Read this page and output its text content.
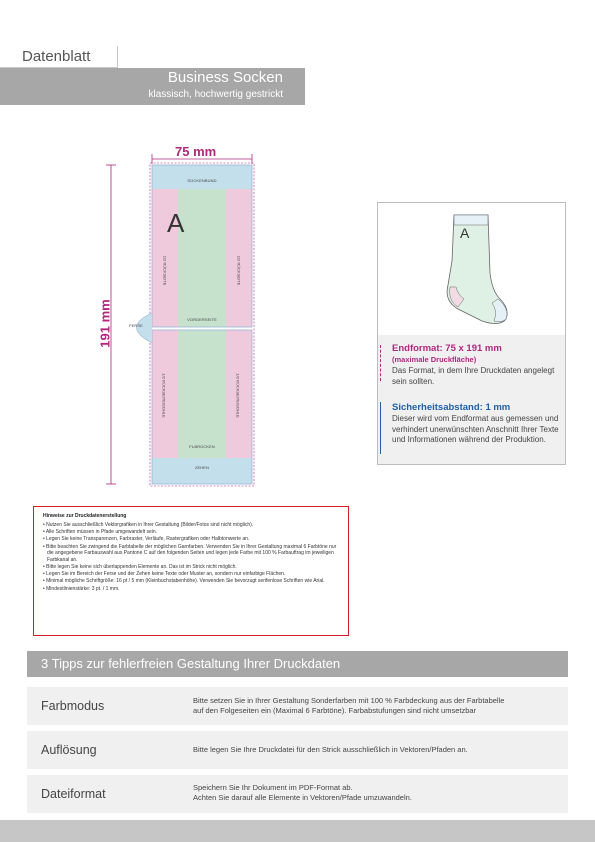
Datenblatt
Business Socken
klassisch, hochwertig gestrickt
75 mm
191 mm
A
SOCKENBUND
VORDERSEITE
FUßRÜCKEN
ZEHEN
FERSE
1/2 RÜCKSEITE	1/2 RÜCKSEITE
1/2 RÜCKSEITE/SOHLE	1/2 RÜCKSEITE/SOHLE
A
Endformat: 75 x 191 mm
(maximale Druckfläche)
Das Format, in dem Ihre Druckdaten angelegt sein sollten.
Sicherheitsabstand: 1 mm
Dieser wird vom Endformat aus gemessen und verhindert unerwünschten Anschnitt Ihrer Texte und Informationen während der Produktion.
Hinweise zur Druckdatenerstellung
• Nutzen Sie ausschließlich Vektorgrafiken in Ihrer Gestaltung (Bilder/Fotos sind nicht möglich).
• Alle Schriften müssen in Pfade umgewandelt sein.
• Legen Sie keine Transparenzen, Farbraster, Verläufe, Rastergrafiken oder Halbtonwerte an.
• Bitte beachten Sie zwingend die Farbtabelle der möglichen Garnfarben. Verwenden Sie in Ihrer Gestaltung maximal 6 Farbtöne nur die angegebene Farbauswahl aus Pantone C auf den folgenden Seiten und legen jede Farbe mit 100 % Farbauftrag im jeweiligen Farbkanal an.
• Bitte legen Sie keine sich überlappenden Elemente an. Das ist im Strick nicht möglich.
• Legen Sie im Bereich der Ferse und der Zehen keine Texte oder Muster an, sondern nur einfarbige Flächen.
• Minimal mögliche Schriftgröße: 16 pt / 5 mm (Kleinbuchstabenhöhe). Verwenden Sie bevorzugt serifenlose Schriften wie Arial.
• Mindestlinienstärke: 3 pt. / 1 mm.
3 Tipps zur fehlerfreien Gestaltung Ihrer Druckdaten
Farbmodus	Bitte setzen Sie in Ihrer Gestaltung Sonderfarben mit 100 % Farbdeckung aus der Farbtabelle
auf den Folgeseiten ein (Maximal 6 Farbtöne). Farbabstufungen sind nicht umsetzbar
Auflösung	Bitte legen Sie Ihre Druckdatei für den Strick ausschließlich in Vektoren/Pfaden an.
Dateiformat	Speichern Sie Ihr Dokument im PDF-Format ab.
Achten Sie darauf alle Elemente in Vektoren/Pfade umzuwandeln.
